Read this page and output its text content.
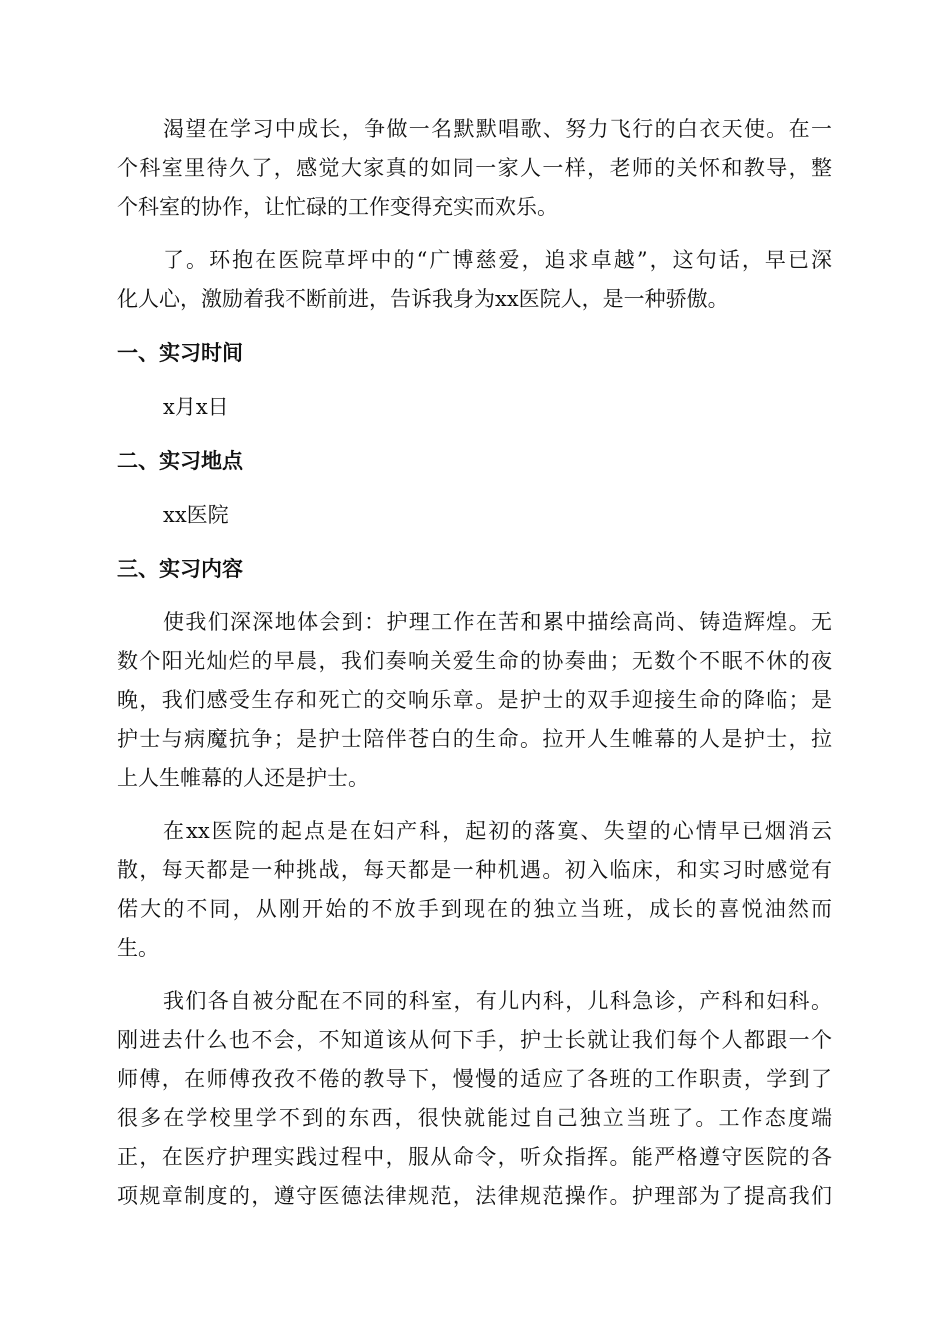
渴望在学习中成长，争做一名默默唱歌、努力飞行的白衣天使。在一
个科室里待久了，感觉大家真的如同一家人一样，老师的关怀和教导，整
个科室的协作，让忙碌的工作变得充实而欢乐。
了。环抱在医院草坪中的“广博慈爱，追求卓越”，这句话，早已深
化人心，激励着我不断前进，告诉我身为xx医院人，是一种骄傲。
一、实习时间
x月x日
二、实习地点
xx医院
三、实习内容
使我们深深地体会到：护理工作在苦和累中描绘高尚、铸造辉煌。无
数个阳光灿烂的早晨，我们奏响关爱生命的协奏曲；无数个不眠不休的夜
晚，我们感受生存和死亡的交响乐章。是护士的双手迎接生命的降临；是
护士与病魔抗争；是护士陪伴苍白的生命。拉开人生帷幕的人是护士，拉
上人生帷幕的人还是护士。
在xx医院的起点是在妇产科，起初的落寞、失望的心情早已烟消云
散，每天都是一种挑战，每天都是一种机遇。初入临床，和实习时感觉有
偌大的不同，从刚开始的不放手到现在的独立当班，成长的喜悦油然而
生。
我们各自被分配在不同的科室，有儿内科，儿科急诊，产科和妇科。
刚进去什么也不会，不知道该从何下手，护士长就让我们每个人都跟一个
师傅，在师傅孜孜不倦的教导下，慢慢的适应了各班的工作职责，学到了
很多在学校里学不到的东西，很快就能过自己独立当班了。工作态度端
正，在医疗护理实践过程中，服从命令，听众指挥。能严格遵守医院的各
项规章制度的，遵守医德法律规范，法律规范操作。护理部为了提高我们
